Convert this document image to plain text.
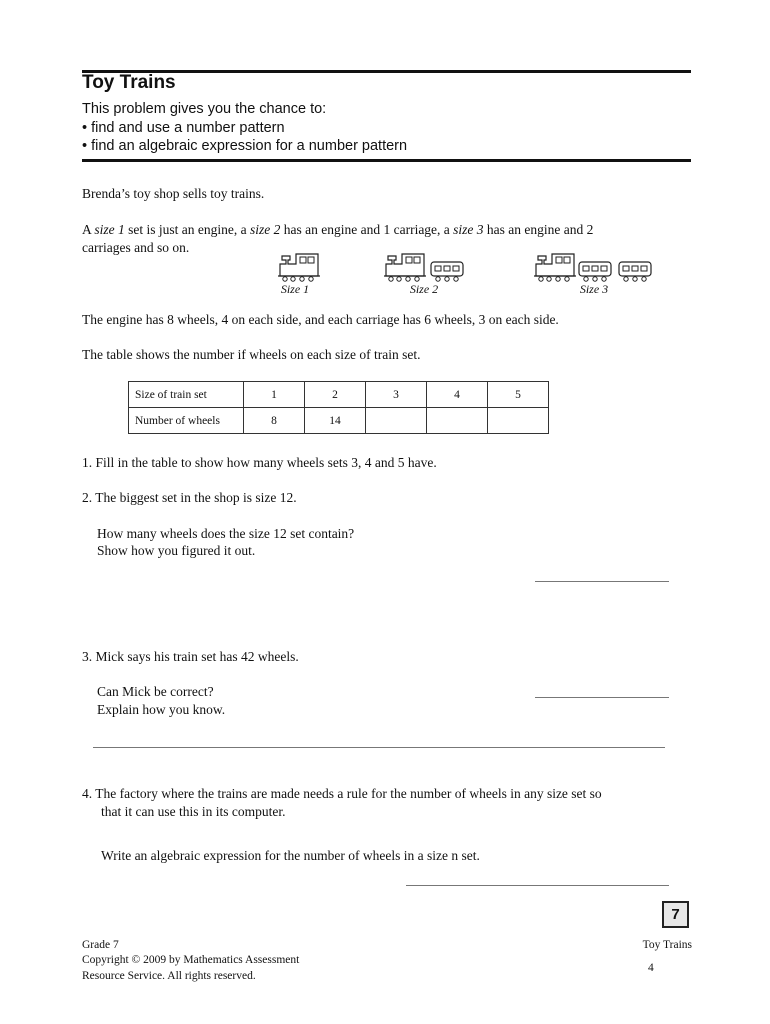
Toy Trains
This problem gives you the chance to:
• find and use a number pattern
• find an algebraic expression for a number pattern
Brenda’s toy shop sells toy trains.
A size 1 set is just an engine, a size 2 has an engine and 1 carriage, a size 3 has an engine and 2
carriages and so on.
Size 1	Size 2	Size 3
The engine has 8 wheels, 4 on each side, and each carriage has 6 wheels, 3 on each side.
The table shows the number if wheels on each size of train set.
Size of train set	1	2	3	4	5
Number of wheels	8	14			
1. Fill in the table to show how many wheels sets 3, 4 and 5 have.
2. The biggest set in the shop is size 12.
How many wheels does the size 12 set contain?
Show how you figured it out.
3. Mick says his train set has 42 wheels.
Can Mick be correct?
Explain how you know.
4. The factory where the trains are made needs a rule for the number of wheels in any size set so
that it can use this in its computer.
Write an algebraic expression for the number of wheels in a size n set.
7
Grade 7
Copyright © 2009 by Mathematics Assessment
Resource Service. All rights reserved.
Toy Trains
4
